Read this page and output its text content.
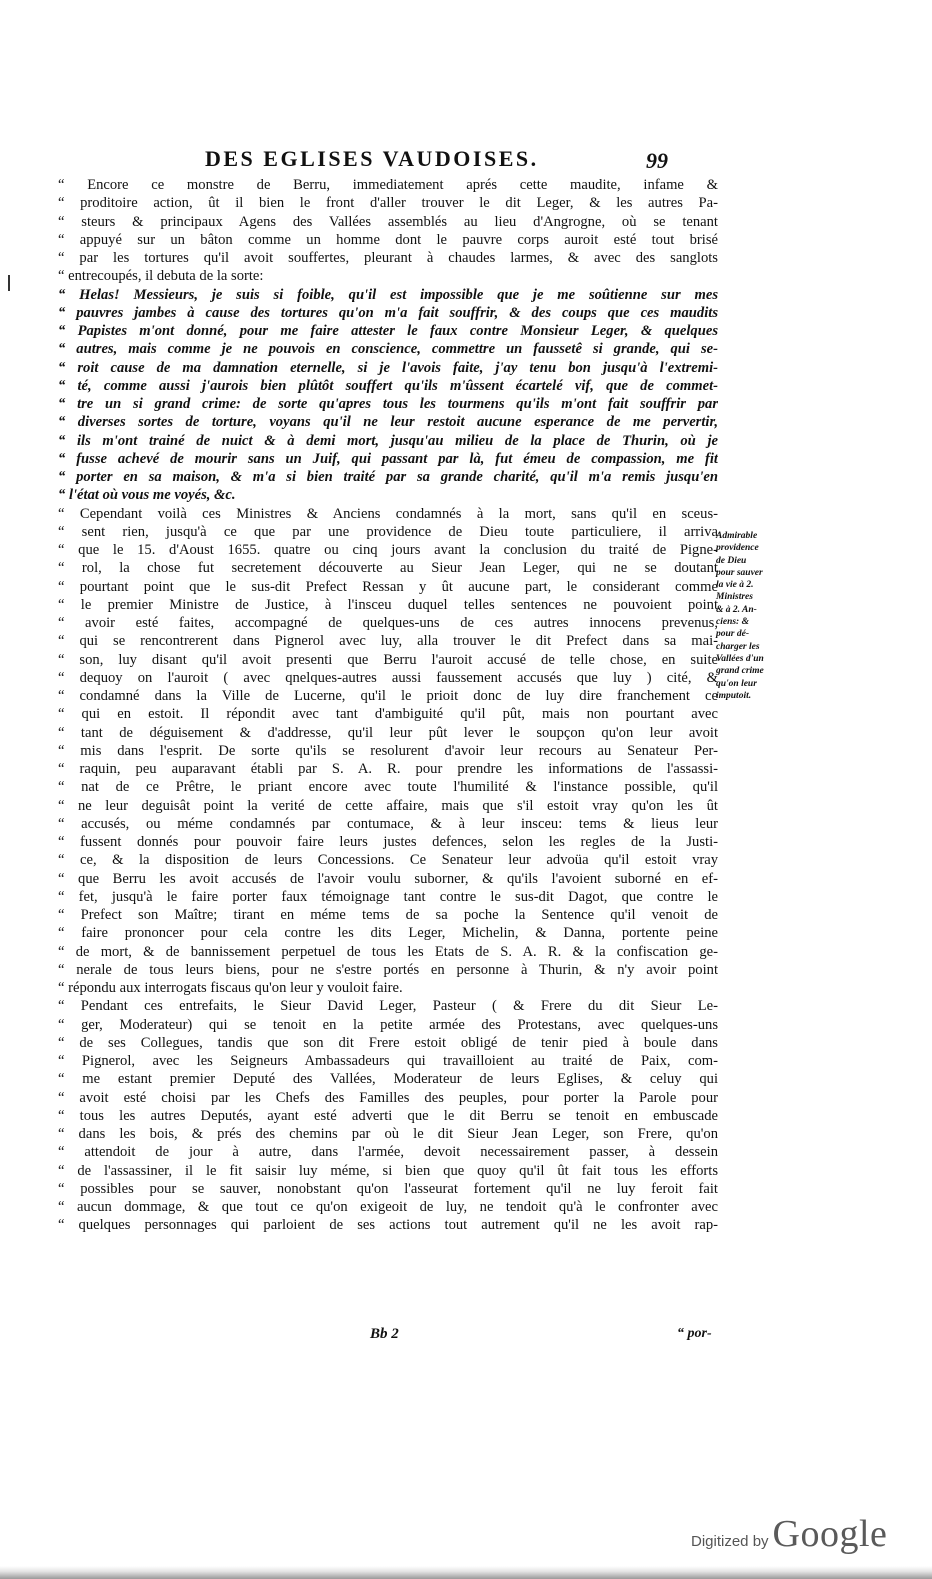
DES EGLISES VAUDOISES.	99
“ Encore ce monstre de Berru, immediatement aprés cette maudite, infame &
“ proditoire action, ût il bien le front d'aller trouver le dit Leger, & les autres Pa-
“ steurs & principaux Agens des Vallées assemblés au lieu d'Angrogne, où se tenant
“ appuyé sur un bâton comme un homme dont le pauvre corps auroit esté tout brisé
“ par les tortures qu'il avoit souffertes, pleurant à chaudes larmes, & avec des sanglots
“ entrecoupés, il debuta de la sorte:
“ Helas! Messieurs, je suis si foible, qu'il est impossible que je me soûtienne sur mes
“ pauvres jambes à cause des tortures qu'on m'a fait souffrir, & des coups que ces maudits
“ Papistes m'ont donné, pour me faire attester le faux contre Monsieur Leger, & quelques
“ autres, mais comme je ne pouvois en conscience, commettre un faussetê si grande, qui se-
“ roit cause de ma damnation eternelle, si je l'avois faite, j'ay tenu bon jusqu'à l'extremi-
“ té, comme aussi j'aurois bien plûtôt souffert qu'ils m'ûssent écartelé vif, que de commet-
“ tre un si grand crime: de sorte qu'apres tous les tourmens qu'ils m'ont fait souffrir par
“ diverses sortes de torture, voyans qu'il ne leur restoit aucune esperance de me pervertir,
“ ils m'ont trainé de nuict & à demi mort, jusqu'au milieu de la place de Thurin, où je
“ fusse achevé de mourir sans un Juif, qui passant par là, fut émeu de compassion, me fit
“ porter en sa maison, & m'a si bien traité par sa grande charité, qu'il m'a remis jusqu'en
“ l'état où vous me voyés, &c.
“ Cependant voilà ces Ministres & Anciens condamnés à la mort, sans qu'il en sceus-
“ sent rien, jusqu'à ce que par une providence de Dieu toute particuliere, il arriva
“ que le 15. d'Aoust 1655. quatre ou cinq jours avant la conclusion du traité de Pigne-
“ rol, la chose fut secretement découverte au Sieur Jean Leger, qui ne se doutant
“ pourtant point que le sus-dit Prefect Ressan y ût aucune part, le considerant comme
“ le premier Ministre de Justice, à l'insceu duquel telles sentences ne pouvoient point
“ avoir esté faites, accompagné de quelques-uns de ces autres innocens prevenus,
“ qui se rencontrerent dans Pignerol avec luy, alla trouver le dit Prefect dans sa mai-
“ son, luy disant qu'il avoit presenti que Berru l'auroit accusé de telle chose, en suite
“ dequoy on l'auroit ( avec qnelques-autres aussi faussement accusés que luy ) cité, &
“ condamné dans la Ville de Lucerne, qu'il le prioit donc de luy dire franchement ce
“ qui en estoit. Il répondit avec tant d'ambiguité qu'il pût, mais non pourtant avec
“ tant de déguisement & d'addresse, qu'il leur pût lever le soupçon qu'on leur avoit
“ mis dans l'esprit. De sorte qu'ils se resolurent d'avoir leur recours au Senateur Per-
“ raquin, peu auparavant établi par S. A. R. pour prendre les informations de l'assassi-
“ nat de ce Prêtre, le priant encore avec toute l'humilité & l'instance possible, qu'il
“ ne leur deguisât point la verité de cette affaire, mais que s'il estoit vray qu'on les ût
“ accusés, ou méme condamnés par contumace, & à leur insceu: tems & lieus leur
“ fussent donnés pour pouvoir faire leurs justes defences, selon les regles de la Justi-
“ ce, & la disposition de leurs Concessions. Ce Senateur leur advoüa qu'il estoit vray
“ que Berru les avoit accusés de l'avoir voulu suborner, & qu'ils l'avoient suborné en ef-
“ fet, jusqu'à le faire porter faux témoignage tant contre le sus-dit Dagot, que contre le
“ Prefect son Maître; tirant en méme tems de sa poche la Sentence qu'il venoit de
“ faire prononcer pour cela contre les dits Leger, Michelin, & Danna, portente peine
“ de mort, & de bannissement perpetuel de tous les Etats de S. A. R. & la confiscation ge-
“ nerale de tous leurs biens, pour ne s'estre portés en personne à Thurin, & n'y avoir point
“ répondu aux interrogats fiscaus qu'on leur y vouloit faire.
“ Pendant ces entrefaits, le Sieur David Leger, Pasteur ( & Frere du dit Sieur Le-
“ ger, Moderateur) qui se tenoit en la petite armée des Protestans, avec quelques-uns
“ de ses Collegues, tandis que son dit Frere estoit obligé de tenir pied à boule dans
“ Pignerol, avec les Seigneurs Ambassadeurs qui travailloient au traité de Paix, com-
“ me estant premier Deputé des Vallées, Moderateur de leurs Eglises, & celuy qui
“ avoit esté choisi par les Chefs des Familles des peuples, pour porter la Parole pour
“ tous les autres Deputés, ayant esté adverti que le dit Berru se tenoit en embuscade
“ dans les bois, & prés des chemins par où le dit Sieur Jean Leger, son Frere, qu'on
“ attendoit de jour à autre, dans l'armée, devoit necessairement passer, à dessein
“ de l'assassiner, il le fit saisir luy méme, si bien que quoy qu'il ût fait tous les efforts
“ possibles pour se sauver, nonobstant qu'on l'asseurat fortement qu'il ne luy feroit fait
“ aucun dommage, & que tout ce qu'on exigeoit de luy, ne tendoit qu'à le confronter avec
“ quelques personnages qui parloient de ses actions tout autrement qu'il ne les avoit rap-
Admirable
providence
de Dieu
pour sauver
la vie à 2.
Ministres
& à 2. An-
ciens: &
pour dé-
charger les
Vallées d'un
grand crime
qu'on leur
imputoit.
Bb 2	“ por-
Digitized by Google
